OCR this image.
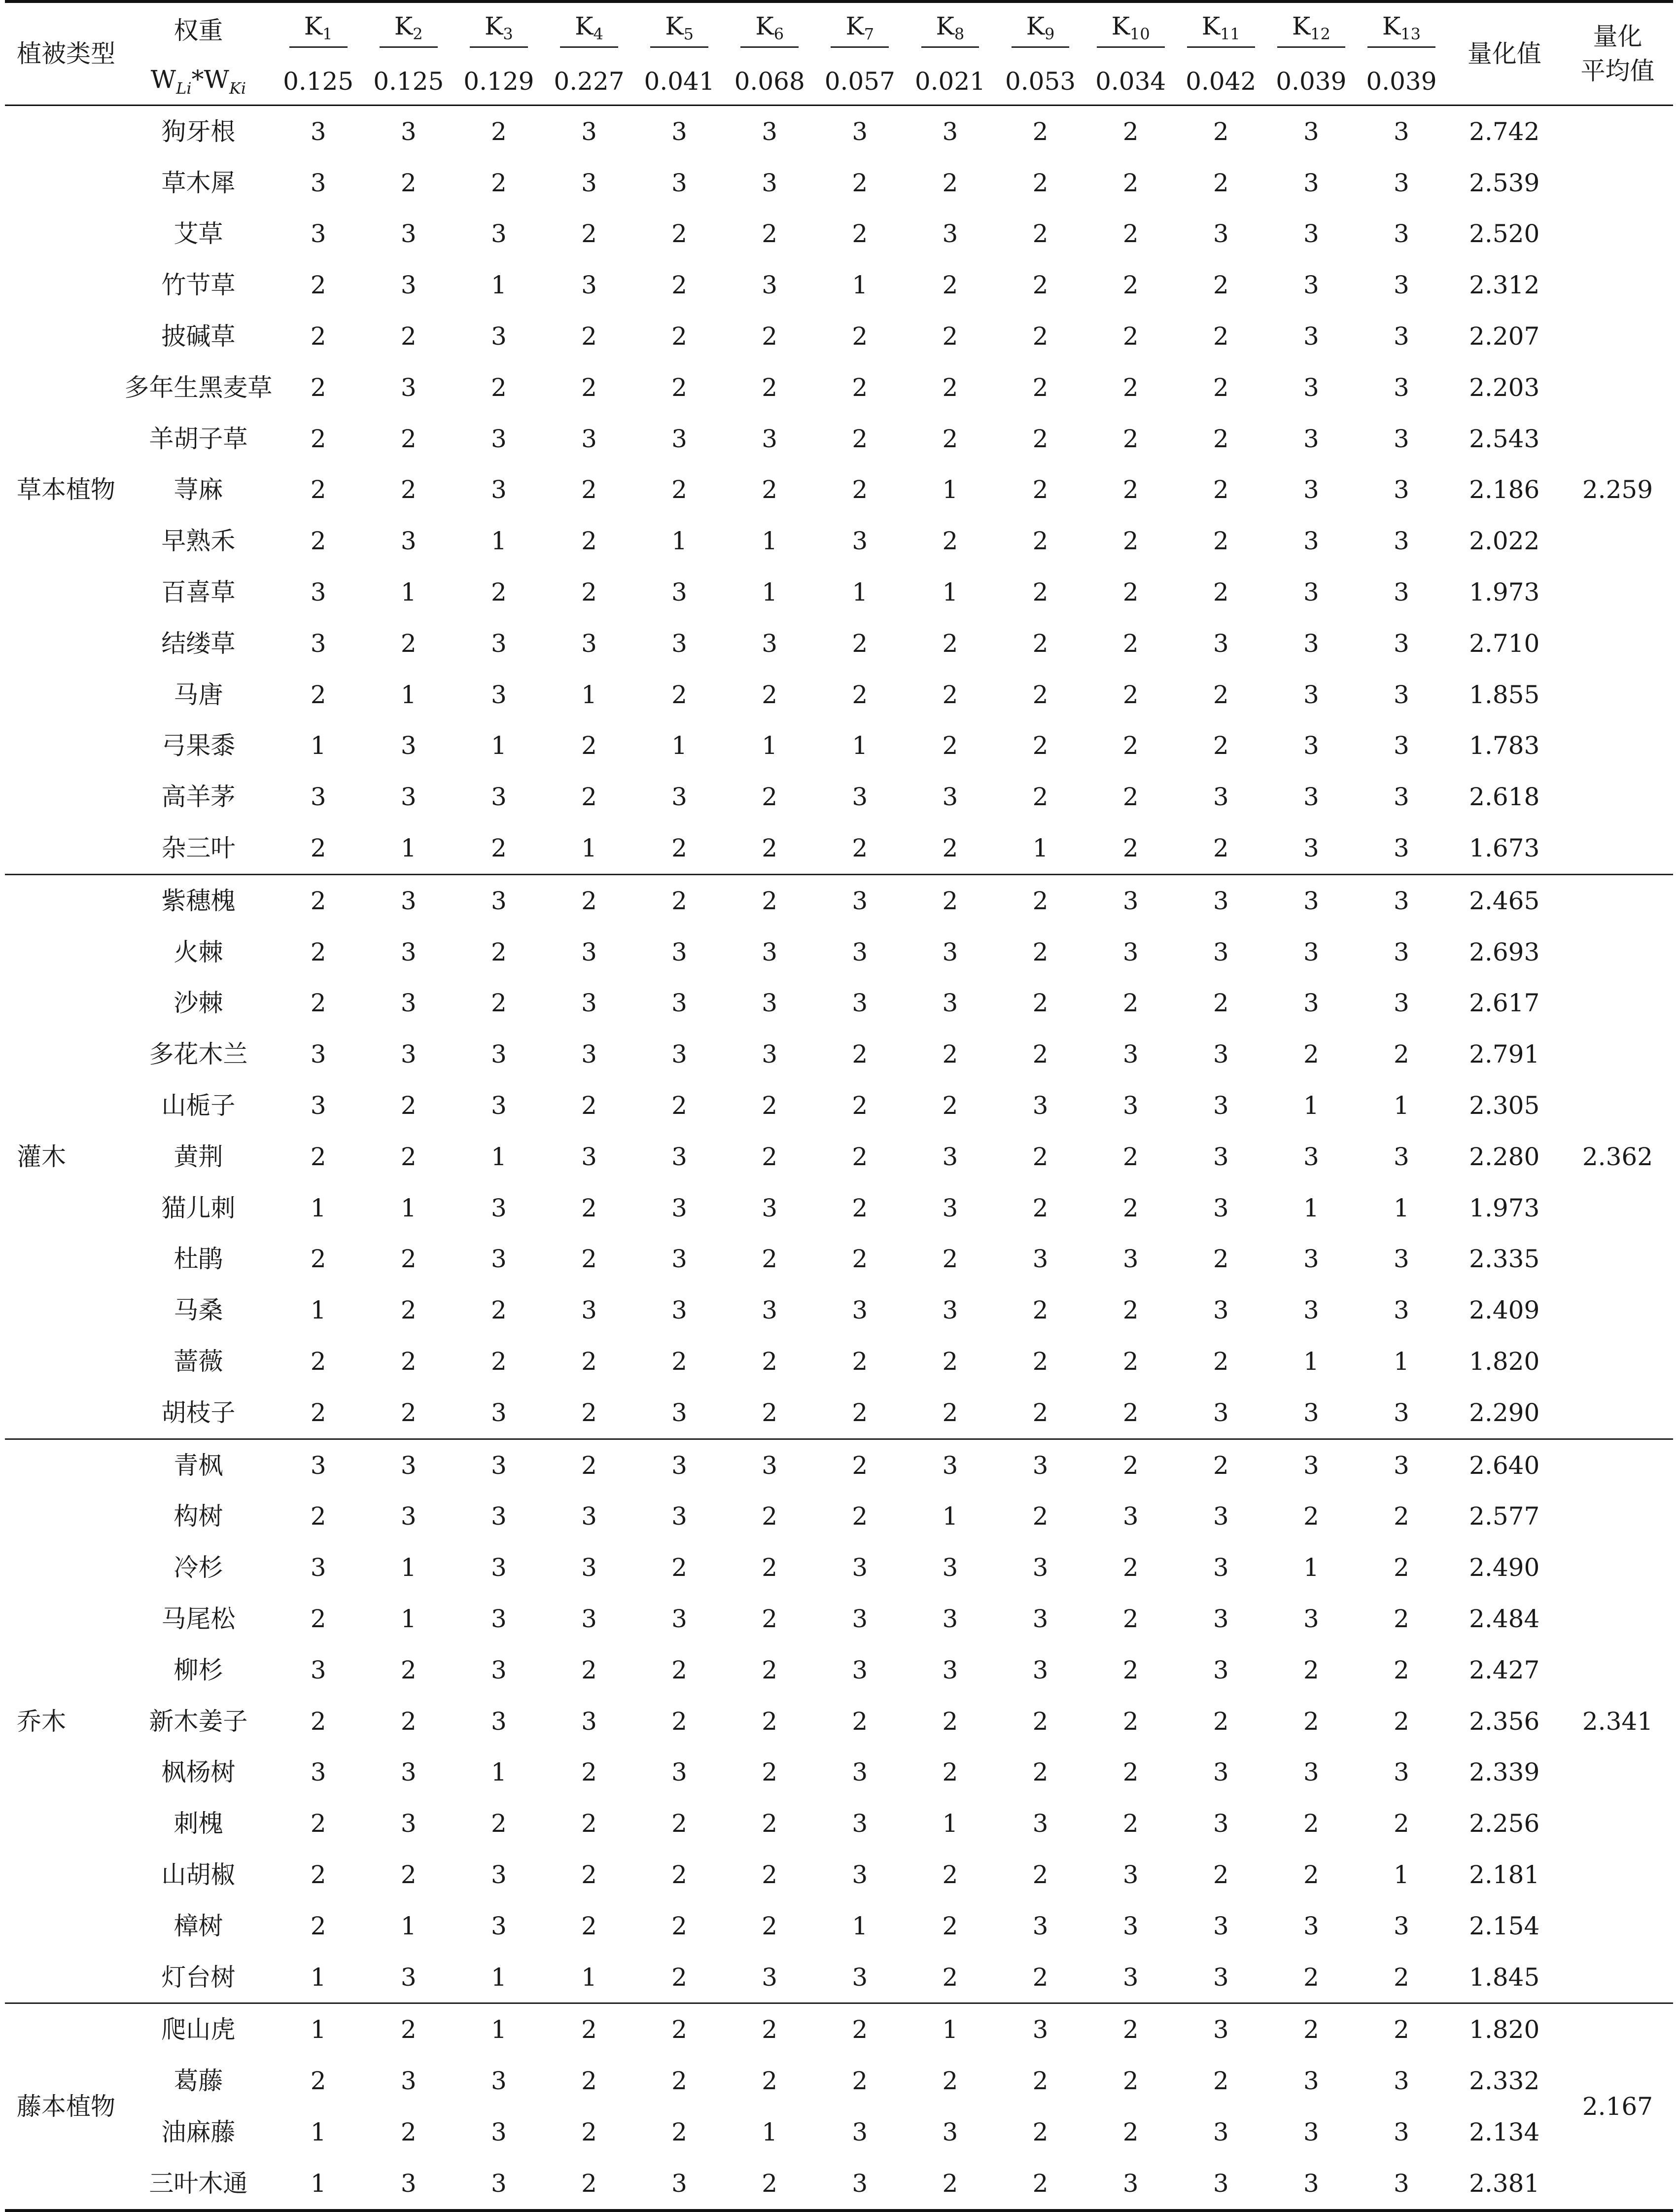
植被类型	权重	$K_1$	$K_2$	$K_3$	$K_4$	$K_5$	$K_6$	$K_7$	$K_8$	$K_9$	$K_{10}$	$K_{11}$	$K_{12}$	$K_{13}$	量化值	量化
平均值

	$W_{Li}*W_{Ki}$	0.125	0.125	0.129	0.227	0.041	0.068	0.057	0.021	0.053	0.034	0.042	0.039	0.039		
草本植物	狗牙根	3	3	2	3	3	3	3	3	2	2	2	3	3	2.742	2.259
	草木犀	3	2	2	3	3	3	2	2	2	2	2	3	3	2.539	
	艾草	3	3	3	2	2	2	2	3	2	2	3	3	3	2.520	
	竹节草	2	3	1	3	2	3	1	2	2	2	2	3	3	2.312	
	披碱草	2	2	3	2	2	2	2	2	2	2	2	3	3	2.207	
	多年生黑麦草	2	3	2	2	2	2	2	2	2	2	2	3	3	2.203	
	羊胡子草	2	2	3	3	3	3	2	2	2	2	2	3	3	2.543	
	荨麻	2	2	3	2	2	2	2	1	2	2	2	3	3	2.186	
	早熟禾	2	3	1	2	1	1	3	2	2	2	2	3	3	2.022	
	百喜草	3	1	2	2	3	1	1	1	2	2	2	3	3	1.973	
	结缕草	3	2	3	3	3	3	2	2	2	2	3	3	3	2.710	
	马唐	2	1	3	1	2	2	2	2	2	2	2	3	3	1.855	
	弓果黍	1	3	1	2	1	1	1	2	2	2	2	3	3	1.783	
	高羊茅	3	3	3	2	3	2	3	3	2	2	3	3	3	2.618	
	杂三叶	2	1	2	1	2	2	2	2	1	2	2	3	3	1.673	
灌木	紫穗槐	2	3	3	2	2	2	3	2	2	3	3	3	3	2.465	2.362
	火棘	2	3	2	3	3	3	3	3	2	3	3	3	3	2.693	
	沙棘	2	3	2	3	3	3	3	3	2	2	2	3	3	2.617	
	多花木兰	3	3	3	3	3	3	2	2	2	3	3	2	2	2.791	
	山栀子	3	2	3	2	2	2	2	2	3	3	3	1	1	2.305	
	黄荆	2	2	1	3	3	2	2	3	2	2	3	3	3	2.280	
	猫儿刺	1	1	3	2	3	3	2	3	2	2	3	1	1	1.973	
	杜鹃	2	2	3	2	3	2	2	2	3	3	2	3	3	2.335	
	马桑	1	2	2	3	3	3	3	3	2	2	3	3	3	2.409	
	蔷薇	2	2	2	2	2	2	2	2	2	2	2	1	1	1.820	
	胡枝子	2	2	3	2	3	2	2	2	2	2	3	3	3	2.290	
乔木	青枫	3	3	3	2	3	3	2	3	3	2	2	3	3	2.640	2.341
	构树	2	3	3	3	3	2	2	1	2	3	3	2	2	2.577	
	冷杉	3	1	3	3	2	2	3	3	3	2	3	1	2	2.490	
	马尾松	2	1	3	3	3	2	3	3	3	2	3	3	2	2.484	
	柳杉	3	2	3	2	2	2	3	3	3	2	3	2	2	2.427	
	新木姜子	2	2	3	3	2	2	2	2	2	2	2	2	2	2.356	
	枫杨树	3	3	1	2	3	2	3	2	2	2	3	3	3	2.339	
	刺槐	2	3	2	2	2	2	3	1	3	2	3	2	2	2.256	
	山胡椒	2	2	3	2	2	2	3	2	2	3	2	2	1	2.181	
	樟树	2	1	3	2	2	2	1	2	3	3	3	3	3	2.154	
	灯台树	1	3	1	1	2	3	3	2	2	3	3	2	2	1.845	
藤本植物	爬山虎	1	2	1	2	2	2	2	1	3	2	3	2	2	1.820	2.167
	葛藤	2	3	3	2	2	2	2	2	2	2	2	3	3	2.332	
	油麻藤	1	2	3	2	2	1	3	3	2	2	3	3	3	2.134	
	三叶木通	1	3	3	2	3	2	3	2	2	3	3	3	3	2.381	
